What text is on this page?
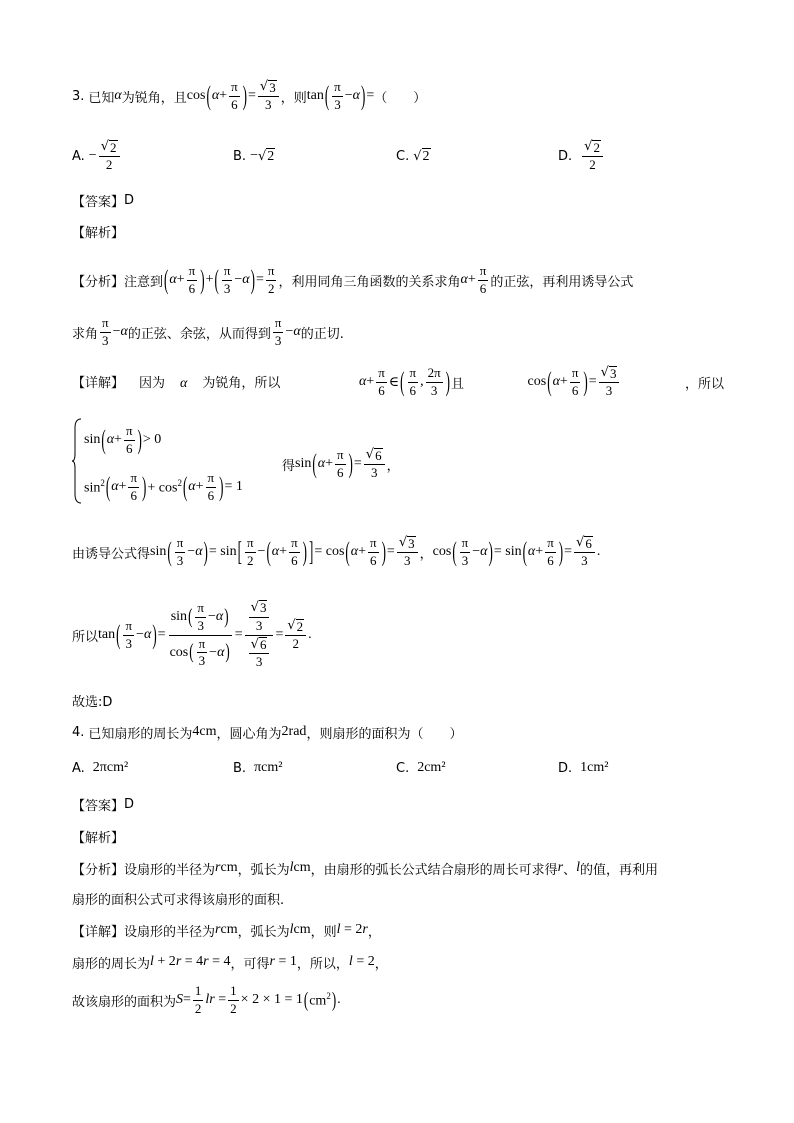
3. 已知 α 为锐角，且 cos ( $\alpha + \frac{\pi}{6}$ ) = $\frac{√ 3}{3}$ ，则 tan ( $\frac{\pi}{3} - \alpha$ ) = （　　）
A. − $\frac{√ 2}{2}$	B. − √ 2	C. √ 2	D. $\frac{√ 2}{2}$
【答案】 D
【解析】
【分析】 注意到 ( $\alpha + \frac{\pi}{6}$ ) + ( $\frac{\pi}{3} - \alpha$ ) = $\frac{\pi}{2}$ ，利用同角三角函数的关系求角 $\alpha + \frac{\pi}{6}$ 的正弦，再利用诱导公式
求角 $\frac{\pi}{3} - \alpha$ 的正弦、余弦，从而得到 $\frac{\pi}{3} - \alpha$ 的正切.
【详解】 因为 α 为锐角，所以	$\alpha + \frac{\pi}{6}$ ∈ ( $\frac{\pi}{6}$ , $\frac{2\pi}{3}$ ) 且	cos ( $\alpha + \frac{\pi}{6}$ ) = $\frac{√ 3}{3}$	，所以
sin ( $\alpha + \frac{\pi}{6}$ ) > 0
$\sin^2$ ( $\alpha + \frac{\pi}{6}$ ) + $\cos^2$ ( $\alpha + \frac{\pi}{6}$ ) = 1
得 sin ( $\alpha + \frac{\pi}{6}$ ) = $\frac{√ 6}{3}$ ，
由诱导公式得 sin ( $\frac{\pi}{3} - \alpha$ ) = sin [ $\frac{\pi}{2}$ − ( $\alpha + \frac{\pi}{6}$ ) ] = cos ( $\alpha + \frac{\pi}{6}$ ) = $\frac{√ 3}{3}$ ， cos ( $\frac{\pi}{3} - \alpha$ ) = sin ( $\alpha + \frac{\pi}{6}$ ) = $\frac{√ 6}{3}$ .
所以 tan ( $\frac{\pi}{3} - \alpha$ ) = $\frac{\sin ( \frac{\pi}{3} - \alpha )}{\cos ( \frac{\pi}{3} - \alpha )} = \frac{\frac{√ 3}{3}}{\frac{√ 6}{3}} = \frac{√ 2}{2}$ .
故选:D
4. 已知扇形的周长为 4cm ，圆心角为 2rad ，则扇形的面积为（　　）
A. 2πcm²	B. πcm²	C. 2cm²	D. 1cm²
【答案】 D
【解析】
【分析】 设扇形的半径为 rcm ，弧长为 lcm ，由扇形的弧长公式结合扇形的周长可求得 r 、 l 的值，再利用
扇形的面积公式可求得该扇形的面积.
【详解】 设扇形的半径为 rcm ，弧长为 lcm ，则 l = 2r ，
扇形的周长为 l + 2r = 4r = 4 ，可得 r = 1 ，所以， l = 2 ，
故该扇形的面积为 $S = \frac{1}{2}$ lr = $\frac{1}{2} \times 2 \times 1 = 1$ ( $cm^2$ ) .
